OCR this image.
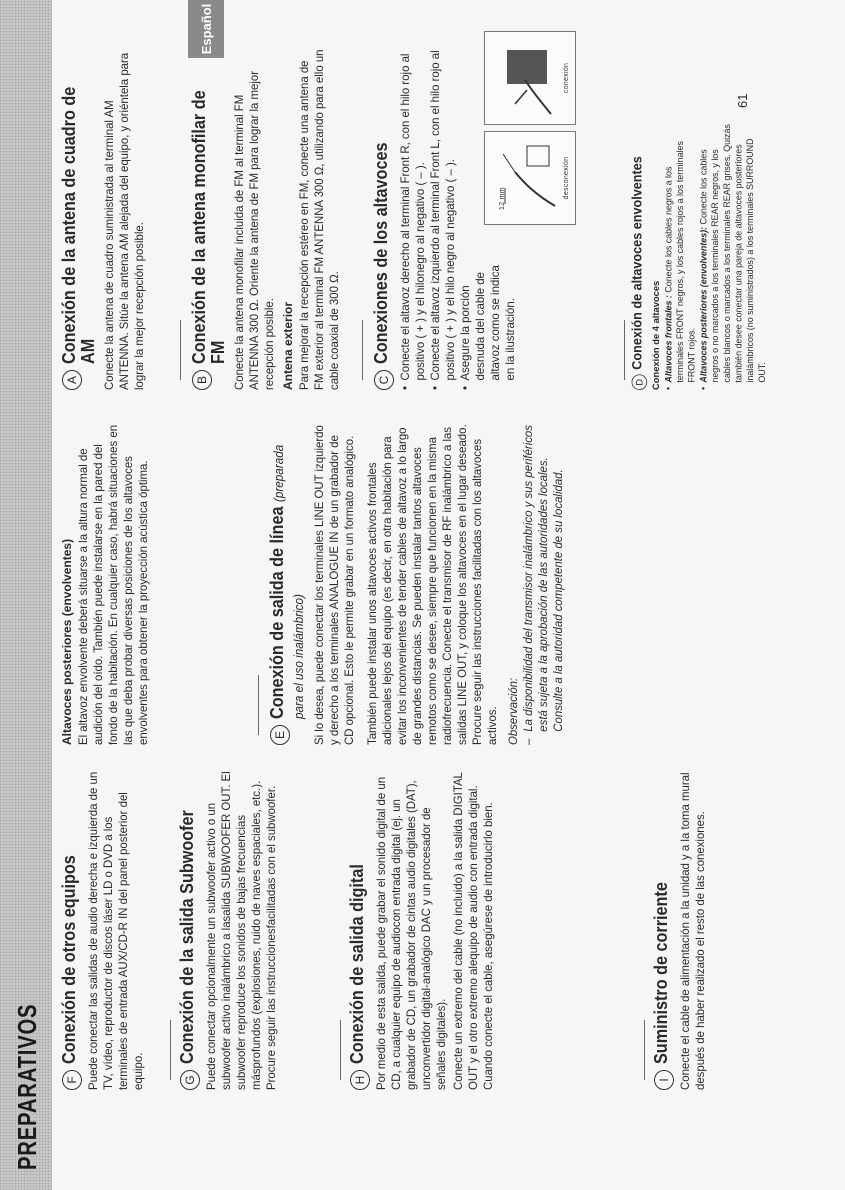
PREPARATIVOS
Español
61
F
Conexión de otros equipos Puede conectar las salidas de audio derecha e izquierda de un TV, vídeo, reproductor de discos láser LD o DVD a los terminales de entrada AUX/CD-R IN del panel posterior del equipo.	G
Conexión de la salida Subwoofer Puede conectar opcionalmente un subwoofer activo o un subwoofer activo inalámbrico a lasalida SUBWOOFER OUT. El subwoofer reproduce los sonidos de bajas frecuencias másprofundos (explosiones, ruido de naves espaciales, etc.). Procure seguir las instruccionesfacilitadas con el subwoofer.	H
Conexión de salida digital Por medio de esta salida, puede grabar el sonido digital de un CD, a cualquier equipo de audiocon entrada digital (ej. un grabador de CD, un grabador de cintas audio digitales (DAT), unconvertidor digital-analógico DAC y un procesador de señales digitales). Conecte un extremo del cable (no incluido) a la salida DIGITAL OUT y el otro extremo alequipo de audio con entrada digital. Cuando conecte el cable, asegúrese de introducirlo bien.	I
Suministro de corriente Conecte el cable de alimentación a la unidad y a la toma mural después de haber realizado el resto de las conexiones.

Altavoces posteriores (envolventes) El altavoz envolvente deberá situarse a la altura normal de audición del oído. También puede instalarse en la pared del fondo de la habitación. En cualquier caso, habrá situaciones en las que deba probar diversas posiciones de los altavoces envolventes para obtener la proyección acústica óptima.	E
Conexión de salida de línea (preparada para el uso inalámbrico) Si lo desea, puede conectar los terminales LINE OUT izquierdo y derecho a los terminales ANALOGUE IN de un grabador de CD opcional. Esto le permite grabar en un formato analógico. También puede instalar unos altavoces activos frontales adicionales lejos del equipo (es decir, en otra habitación para evitar los inconvenientes de tender cables de altavoz a lo largo de grandes distancias. Se pueden instalar tantos altavoces remotos como se desee, siempre que funcionen en la misma radiofrecuencia. Conecte el transmisor de RF inalámbrico a las salidas LINE OUT, y coloque los altavoces en el lugar deseado. Procure seguir las instrucciones facilitadas con los altavoces activos. Observación: –
La disponibilidad del transmisor inalámbrico y sus periféricos está sujeta a la aprobación de las autoridades locales. Consulte a la autoridad competente de su localidad.
A
Conexión de la antena de cuadro de AM Conecte la antena de cuadro suministrada al terminal AM ANTENNA. Sitúe la antena AM alejada del equipo, y oriéntela para lograr la mejor recepción posible.	B
Conexión de la antena monofilar de FM Conecte la antena monofilar incluida de FM al terminal FM ANTENNA 300 Ω. Oriente la antena de FM para lograr la mejor recepción posible. Antena exterior Para mejorar la recepción estéreo en FM, conecte una antena de FM exterior al terminal FM ANTENNA 300 Ω, utilizando para ello un cable coaxial de 300 Ω.	C
Conexiones de los altavoces
•
Conecte el altavoz derecho al terminal Front R, con el hilo rojo al positivo ( + ) y el hilonegro al negativo ( – ).
•
Conecte el altavoz izquierdo al terminal Front L, con el hilo rojo al positivo ( + ) y el hilo negro al negativo ( – ).
•
Asegure la porción desnuda del cable de altavoz como se indica en la ilustración.
12 mm	desconexión
conexión
D
Conexión de altavoces envolventes Conexión de 4 altavoces •
Altavoces frontales : Conecte los cables negros a los terminales FRONT negros, y los cables rojos a los terminales FRONT rojos.
•
Altavoces posteriores (envolventes): Conecte los cables negros o no marcados a los terminales REAR negros, y los cables blancos o marcados a los terminales REAR grises. Quizás también desee conectar una pareja de altavoces posteriores inalámbricos (no suministrados) a los terminales SURROUND OUT.
